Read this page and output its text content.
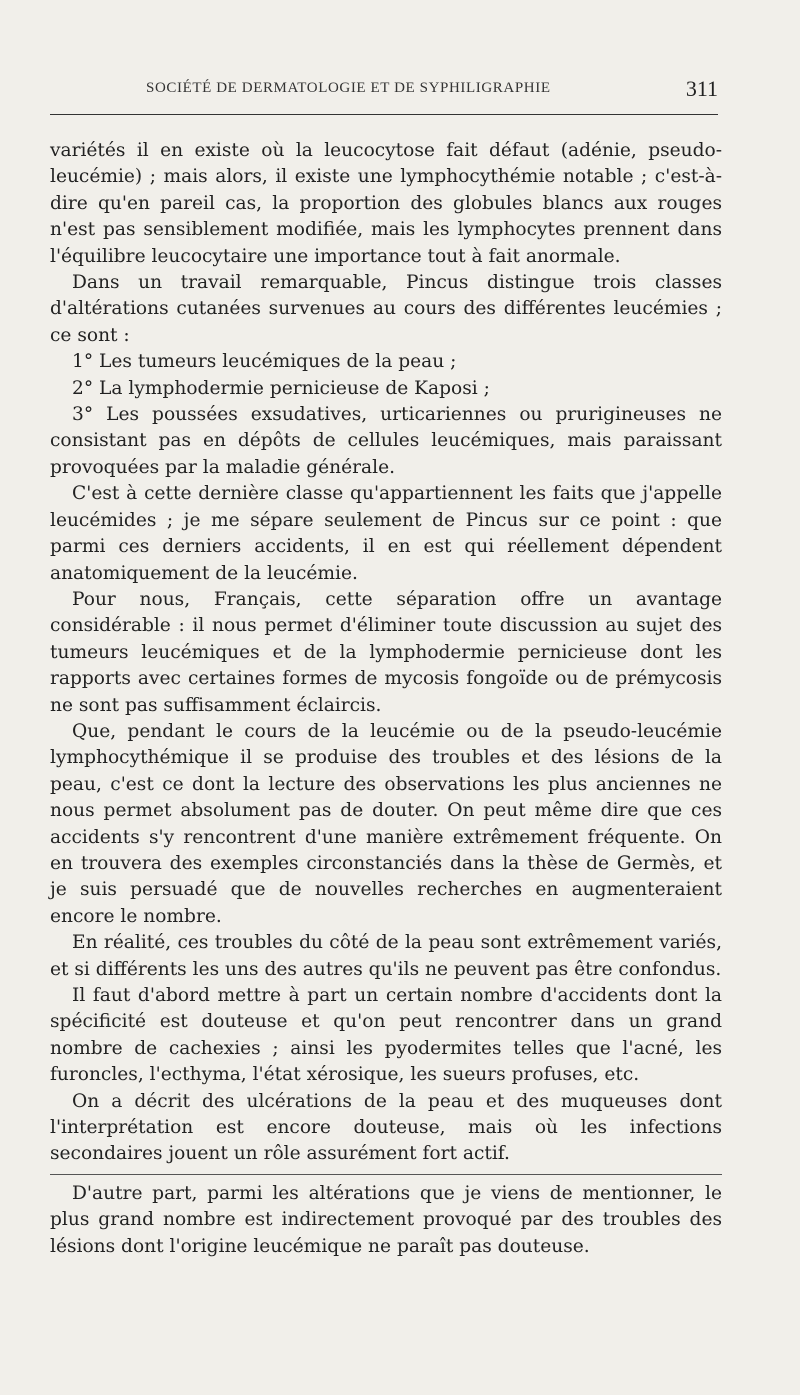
SOCIÉTÉ DE DERMATOLOGIE ET DE SYPHILIGRAPHIE	311

variétés il en existe où la leucocytose fait défaut (adénie, pseudo-leucémie) ; mais alors, il existe une lymphocythémie notable ; c'est-à-dire qu'en pareil cas, la proportion des globules blancs aux rouges n'est pas sensiblement modifiée, mais les lymphocytes prennent dans l'équilibre leucocytaire une importance tout à fait anormale.

Dans un travail remarquable, Pincus distingue trois classes d'altérations cutanées survenues au cours des différentes leucémies ; ce sont :

1° Les tumeurs leucémiques de la peau ;

2° La lymphodermie pernicieuse de Kaposi ;

3° Les poussées exsudatives, urticariennes ou prurigineuses ne consistant pas en dépôts de cellules leucémiques, mais paraissant provoquées par la maladie générale.

C'est à cette dernière classe qu'appartiennent les faits que j'appelle leucémides ; je me sépare seulement de Pincus sur ce point : que parmi ces derniers accidents, il en est qui réellement dépendent anatomiquement de la leucémie.

Pour nous, Français, cette séparation offre un avantage considérable : il nous permet d'éliminer toute discussion au sujet des tumeurs leucémiques et de la lymphodermie pernicieuse dont les rapports avec certaines formes de mycosis fongoïde ou de prémycosis ne sont pas suffisamment éclaircis.

Que, pendant le cours de la leucémie ou de la pseudo-leucémie lymphocythémique il se produise des troubles et des lésions de la peau, c'est ce dont la lecture des observations les plus anciennes ne nous permet absolument pas de douter. On peut même dire que ces accidents s'y rencontrent d'une manière extrêmement fréquente. On en trouvera des exemples circonstanciés dans la thèse de Germès, et je suis persuadé que de nouvelles recherches en augmenteraient encore le nombre.

En réalité, ces troubles du côté de la peau sont extrêmement variés, et si différents les uns des autres qu'ils ne peuvent pas être confondus.

Il faut d'abord mettre à part un certain nombre d'accidents dont la spécificité est douteuse et qu'on peut rencontrer dans un grand nombre de cachexies ; ainsi les pyodermites telles que l'acné, les furoncles, l'ecthyma, l'état xérosique, les sueurs profuses, etc.

On a décrit des ulcérations de la peau et des muqueuses dont l'interprétation est encore douteuse, mais où les infections secondaires jouent un rôle assurément fort actif.

D'autre part, parmi les altérations que je viens de mentionner, le plus grand nombre est indirectement provoqué par des troubles des lésions dont l'origine leucémique ne paraît pas douteuse.
